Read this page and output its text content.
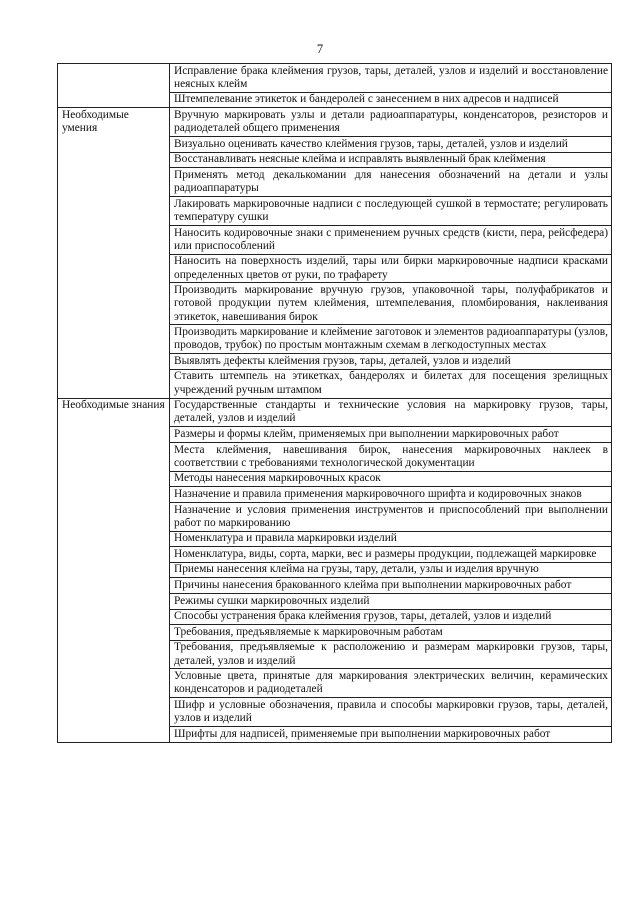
7
	Исправление брака клеймения грузов, тары, деталей, узлов и изделий и восстановление неясных клейм
	Штемпелевание этикеток и бандеролей с занесением в них адресов и надписей
Необходимые умения	Вручную маркировать узлы и детали радиоаппаратуры, конденсаторов, резисторов и радиодеталей общего применения
	Визуально оценивать качество клеймения грузов, тары, деталей, узлов и изделий
	Восстанавливать неясные клейма и исправлять выявленный брак клеймения
	Применять метод декалькомании для нанесения обозначений на детали и узлы радиоаппаратуры
	Лакировать маркировочные надписи с последующей сушкой в термостате; регулировать температуру сушки
	Наносить кодировочные знаки с применением ручных средств (кисти, пера, рейсфедера) или приспособлений
	Наносить на поверхность изделий, тары или бирки маркировочные надписи красками определенных цветов от руки, по трафарету
	Производить маркирование вручную грузов, упаковочной тары, полуфабрикатов и готовой продукции путем клеймения, штемпелевания, пломбирования, наклеивания этикеток, навешивания бирок
	Производить маркирование и клеймение заготовок и элементов радиоаппаратуры (узлов, проводов, трубок) по простым монтажным схемам в легкодоступных местах
	Выявлять дефекты клеймения грузов, тары, деталей, узлов и изделий
	Ставить штемпель на этикетках, бандеролях и билетах для посещения зрелищных учреждений ручным штампом
Необходимые знания	Государственные стандарты и технические условия на маркировку грузов, тары, деталей, узлов и изделий
	Размеры и формы клейм, применяемых при выполнении маркировочных работ
	Места клеймения, навешивания бирок, нанесения маркировочных наклеек в соответствии с требованиями технологической документации
	Методы нанесения маркировочных красок
	Назначение и правила применения маркировочного шрифта и кодировочных знаков
	Назначение и условия применения инструментов и приспособлений при выполнении работ по маркированию
	Номенклатура и правила маркировки изделий
	Номенклатура, виды, сорта, марки, вес и размеры продукции, подлежащей маркировке
	Приемы нанесения клейма на грузы, тару, детали, узлы и изделия вручную
	Причины нанесения бракованного клейма при выполнении маркировочных работ
	Режимы сушки маркировочных изделий
	Способы устранения брака клеймения грузов, тары, деталей, узлов и изделий
	Требования, предъявляемые к маркировочным работам
	Требования, предъявляемые к расположению и размерам маркировки грузов, тары, деталей, узлов и изделий
	Условные цвета, принятые для маркирования электрических величин, керамических конденсаторов и радиодеталей
	Шифр и условные обозначения, правила и способы маркировки грузов, тары, деталей, узлов и изделий
	Шрифты для надписей, применяемые при выполнении маркировочных работ
